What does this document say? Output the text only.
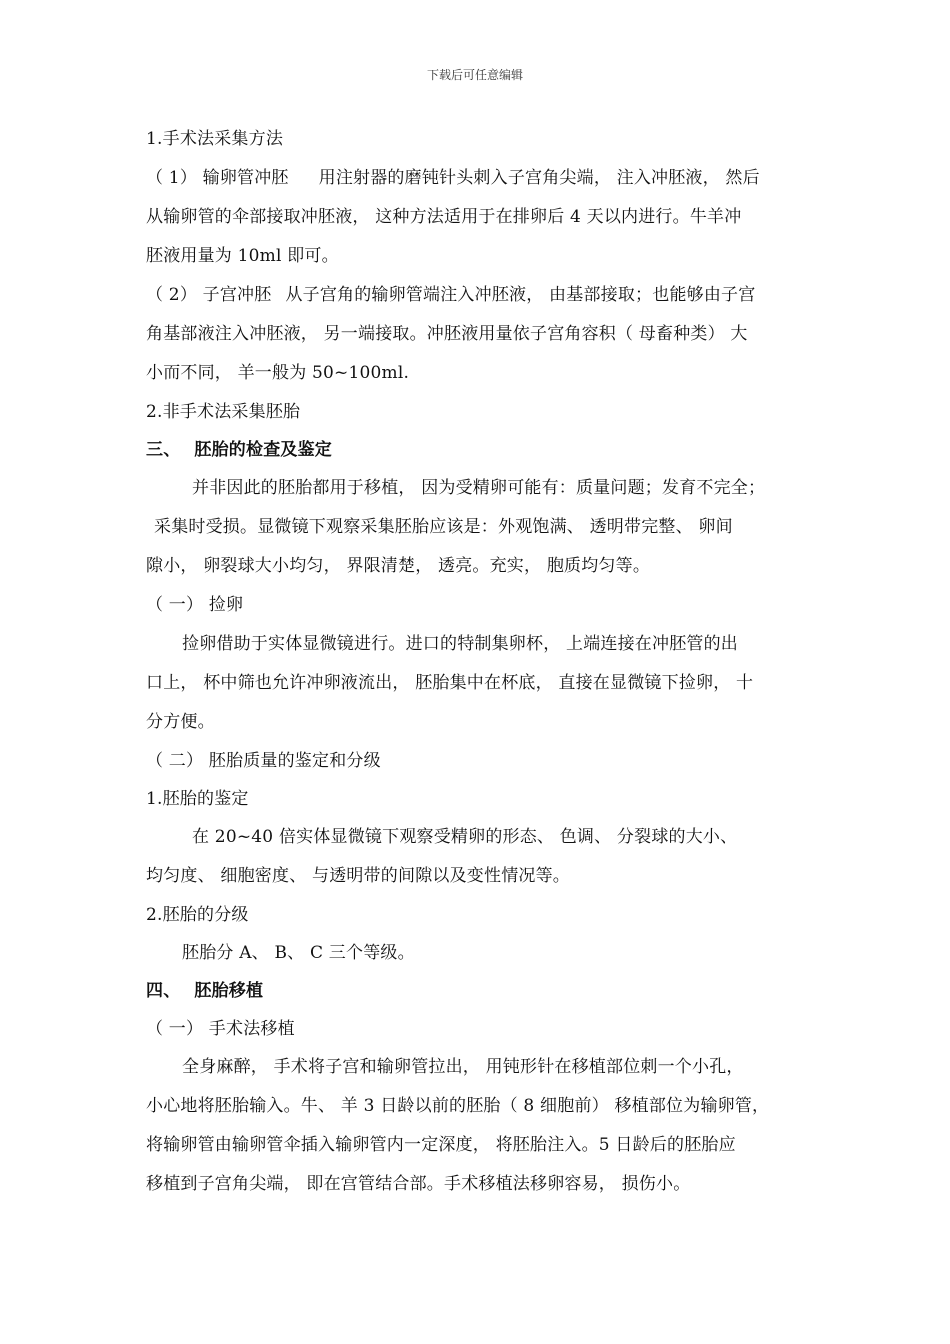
下载后可任意编辑
1.手术法采集方法
（ 1） 输卵管冲胚 用注射器的磨钝针头刺入子宫角尖端， 注入冲胚液， 然后
从输卵管的伞部接取冲胚液， 这种方法适用于在排卵后 4 天以内进行。牛羊冲
胚液用量为 10ml 即可。
（ 2） 子宫冲胚 从子宫角的输卵管端注入冲胚液， 由基部接取；也能够由子宫
角基部液注入冲胚液， 另一端接取。冲胚液用量依子宫角容积（ 母畜种类） 大
小而不同， 羊一般为 50~100ml.
2.非手术法采集胚胎
三、 胚胎的检查及鉴定
并非因此的胚胎都用于移植， 因为受精卵可能有：质量问题；发育不完全；
采集时受损。显微镜下观察采集胚胎应该是：外观饱满、 透明带完整、 卵间
隙小， 卵裂球大小均匀， 界限清楚， 透亮。充实， 胞质均匀等。
（ 一） 捡卵
捡卵借助于实体显微镜进行。进口的特制集卵杯， 上端连接在冲胚管的出
口上， 杯中筛也允许冲卵液流出， 胚胎集中在杯底， 直接在显微镜下捡卵， 十
分方便。
（ 二） 胚胎质量的鉴定和分级
1.胚胎的鉴定
在 20~40 倍实体显微镜下观察受精卵的形态、 色调、 分裂球的大小、
均匀度、 细胞密度、 与透明带的间隙以及变性情况等。
2.胚胎的分级
胚胎分 A、 B、 C 三个等级。
四、 胚胎移植
（ 一） 手术法移植
全身麻醉， 手术将子宫和输卵管拉出， 用钝形针在移植部位刺一个小孔，
小心地将胚胎输入。牛、 羊 3 日龄以前的胚胎（ 8 细胞前） 移植部位为输卵管，
将输卵管由输卵管伞插入输卵管内一定深度， 将胚胎注入。5 日龄后的胚胎应
移植到子宫角尖端， 即在宫管结合部。手术移植法移卵容易， 损伤小。
